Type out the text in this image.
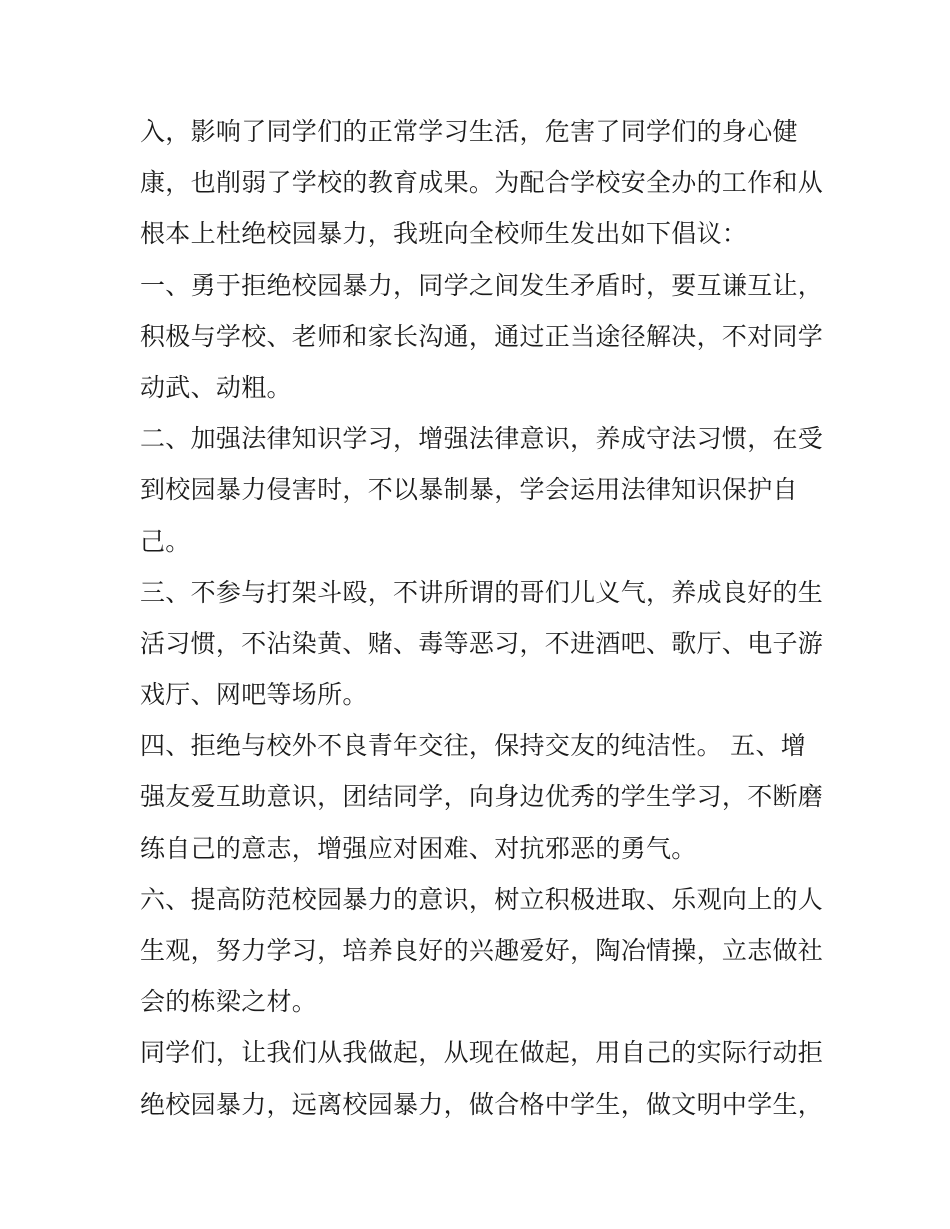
入，影响了同学们的正常学习生活，危害了同学们的身心健
康，也削弱了学校的教育成果。为配合学校安全办的工作和从
根本上杜绝校园暴力，我班向全校师生发出如下倡议：
一、勇于拒绝校园暴力，同学之间发生矛盾时，要互谦互让，
积极与学校、老师和家长沟通，通过正当途径解决，不对同学
动武、动粗。
二、加强法律知识学习，增强法律意识，养成守法习惯，在受
到校园暴力侵害时，不以暴制暴，学会运用法律知识保护自
己。
三、不参与打架斗殴，不讲所谓的哥们儿义气，养成良好的生
活习惯，不沾染黄、赌、毒等恶习，不进酒吧、歌厅、电子游
戏厅、网吧等场所。
四、拒绝与校外不良青年交往，保持交友的纯洁性。 五、增
强友爱互助意识，团结同学，向身边优秀的学生学习，不断磨
练自己的意志，增强应对困难、对抗邪恶的勇气。
六、提高防范校园暴力的意识，树立积极进取、乐观向上的人
生观，努力学习，培养良好的兴趣爱好，陶冶情操，立志做社
会的栋梁之材。
同学们，让我们从我做起，从现在做起，用自己的实际行动拒
绝校园暴力，远离校园暴力，做合格中学生，做文明中学生，
